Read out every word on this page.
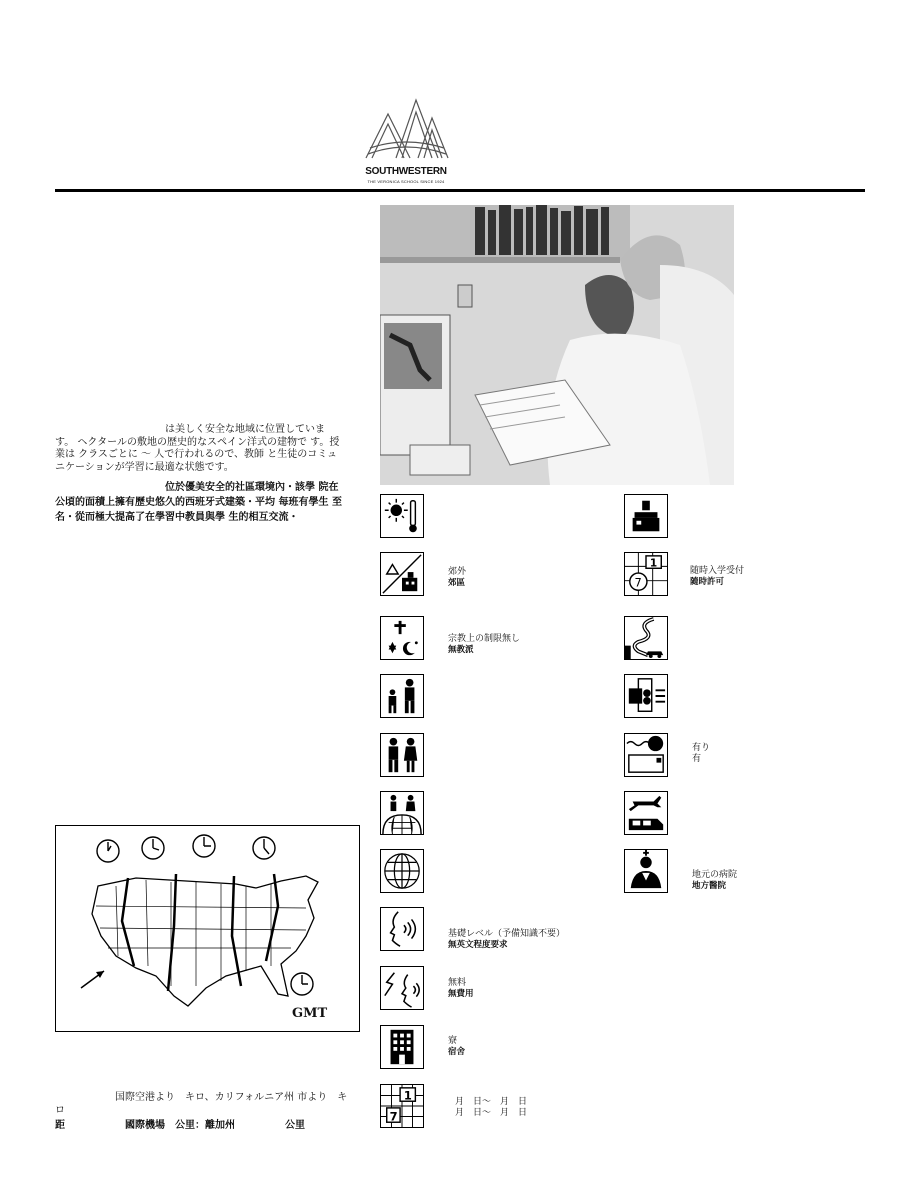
SOUTHWESTERN
THE VERONICA SCHOOL SINCE 1924
　　　　　　　　　　　は美しく安全な地域に位置していま す。 ヘクタールの敷地の歴史的なスペイン洋式の建物で す。授業は クラスごとに ～ 人で行われるので、教師 と生徒のコミュニケーションが学習に最適な状態です。
　　　　　　　　　　　位於優美安全的社區環境內・該學 院在 公頃的面積上擁有歷史悠久的西班牙式建築・平均 每班有學生 至 名・從而極大提高了在學習中教員與學 生的相互交流・
GMT
　　　　　　国際空港より　キロ、カリフォルニア州 市より　キロ
距　　　　　　國際機場　公里：離加州　　　　　公里
郊外
郊區
宗教上の制限無し
無教派
基礎レベル（予備知識不要）
無英文程度要求
無料
無費用
寮
宿舍
1
7
月　日～　月　日
月　日～　月　日
1
7
随時入学受付
隨時許可
有り
有
地元の病院
地方醫院
